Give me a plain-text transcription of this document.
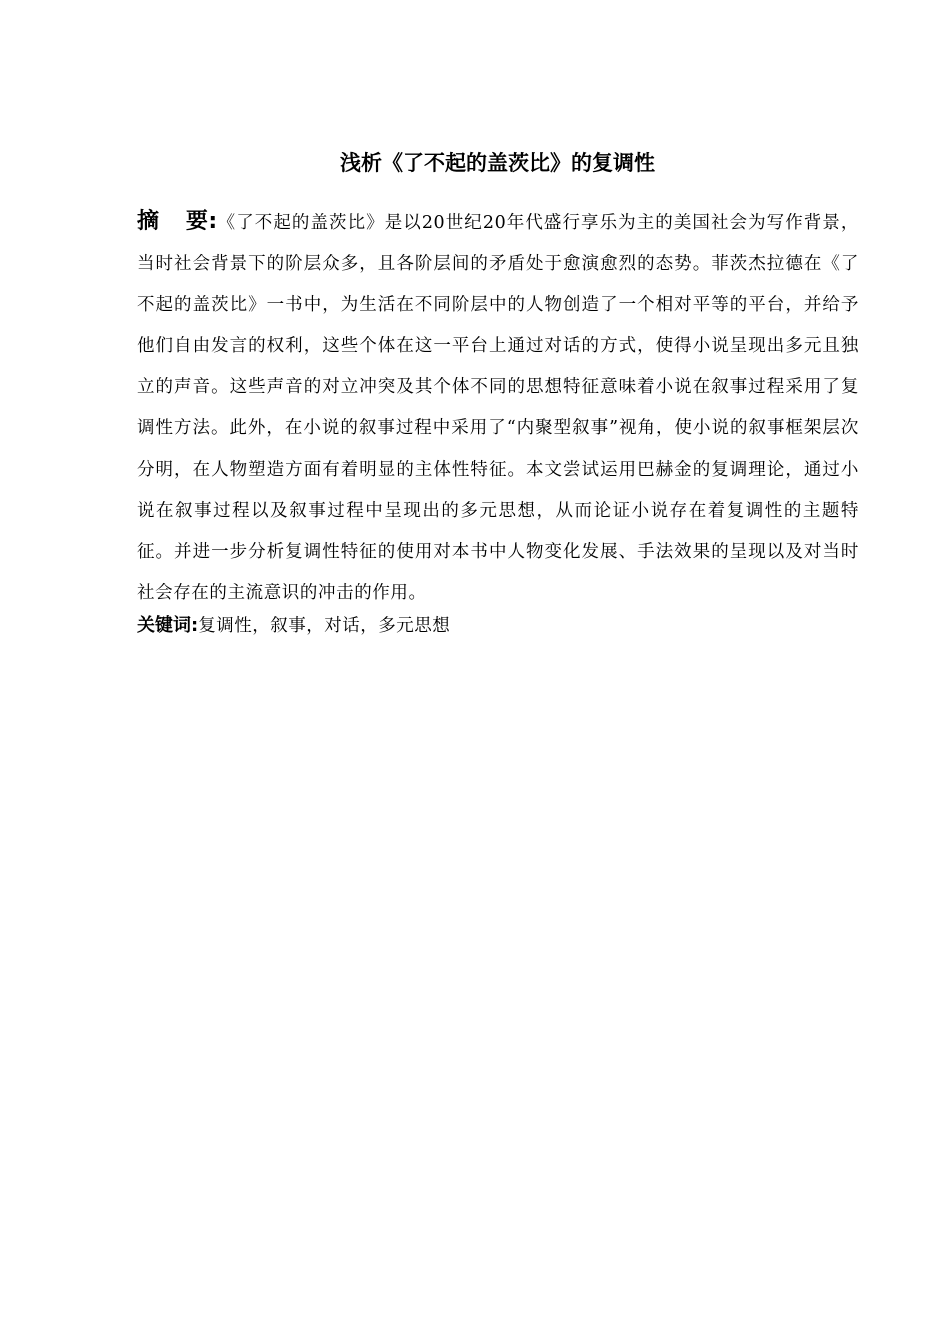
浅析《了不起的盖茨比》的复调性
摘 要:《了不起的盖茨比》是以20世纪20年代盛行享乐为主的美国社会为写作背景，当时社会背景下的阶层众多，且各阶层间的矛盾处于愈演愈烈的态势。菲茨杰拉德在《了不起的盖茨比》一书中，为生活在不同阶层中的人物创造了一个相对平等的平台，并给予他们自由发言的权利，这些个体在这一平台上通过对话的方式，使得小说呈现出多元且独立的声音。这些声音的对立冲突及其个体不同的思想特征意味着小说在叙事过程采用了复调性方法。此外，在小说的叙事过程中采用了“内聚型叙事”视角，使小说的叙事框架层次分明，在人物塑造方面有着明显的主体性特征。本文尝试运用巴赫金的复调理论，通过小说在叙事过程以及叙事过程中呈现出的多元思想，从而论证小说存在着复调性的主题特征。并进一步分析复调性特征的使用对本书中人物变化发展、手法效果的呈现以及对当时社会存在的主流意识的冲击的作用。
关键词:复调性，叙事，对话，多元思想
